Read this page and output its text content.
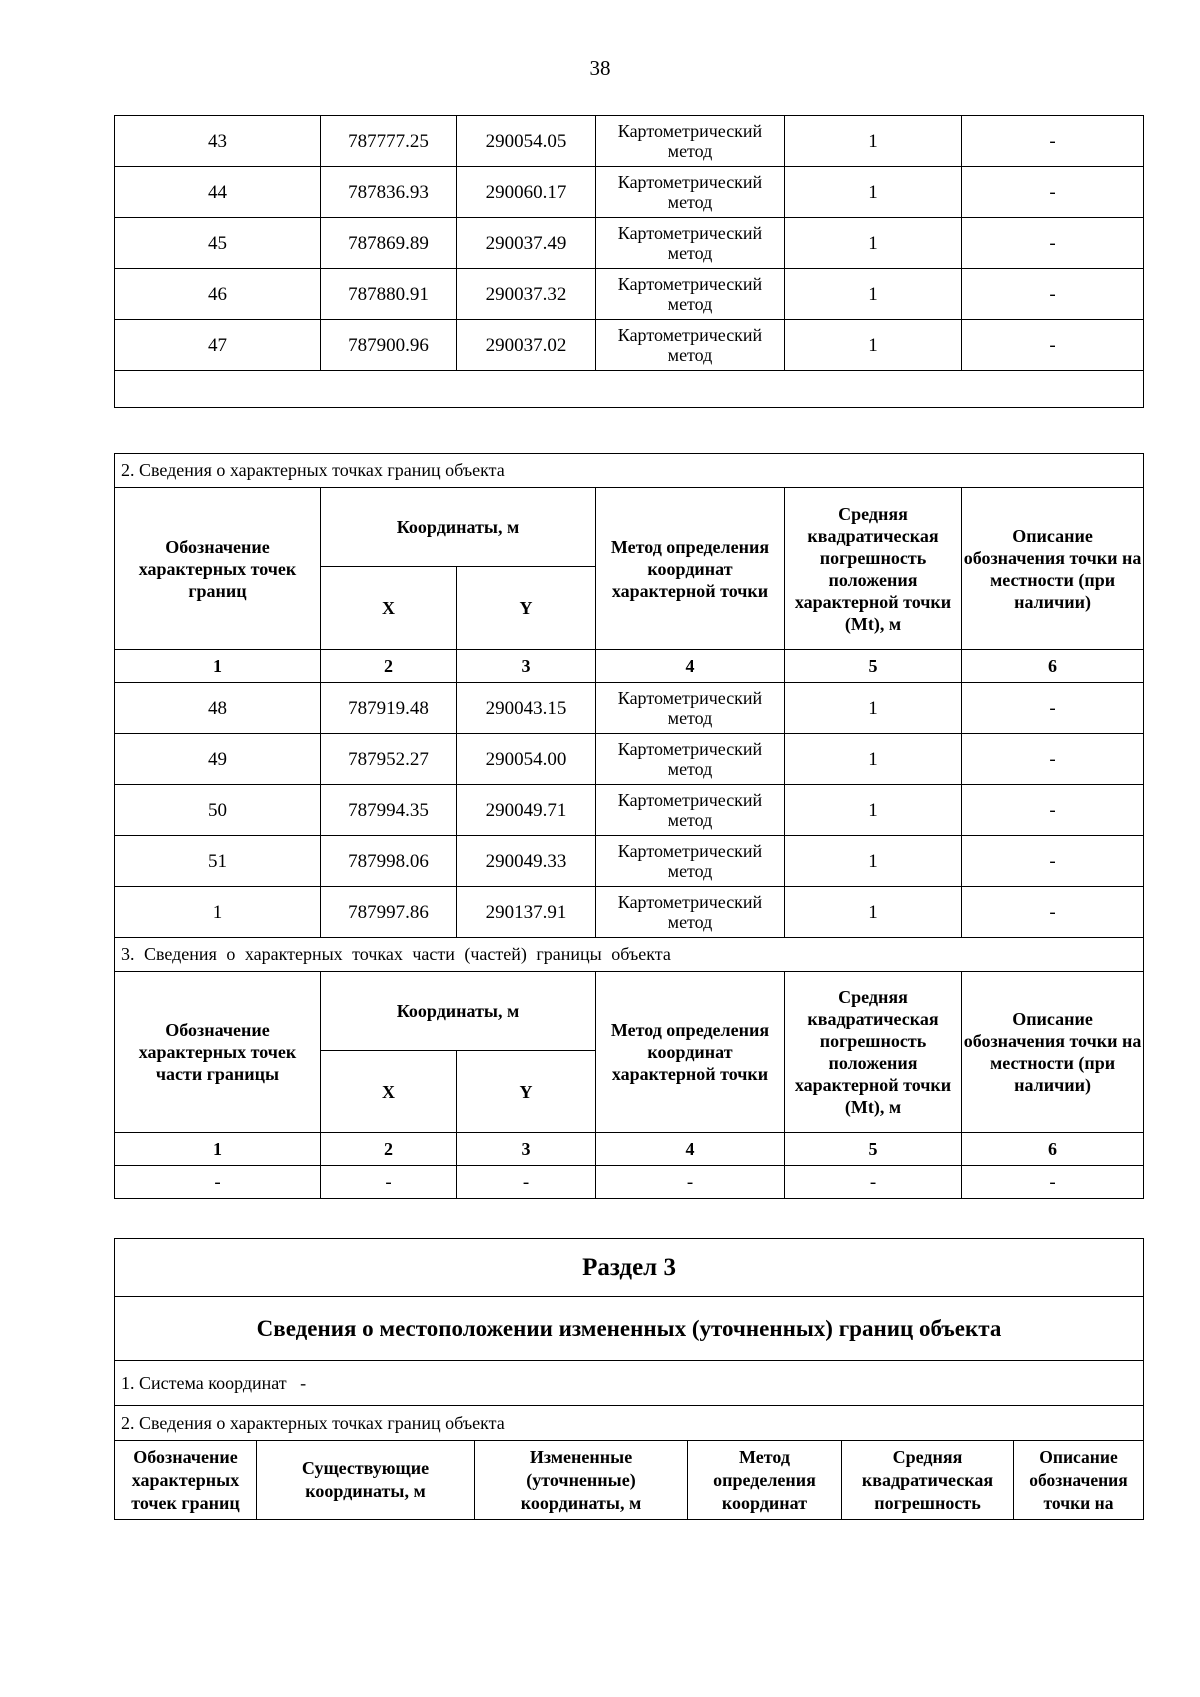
38
43	787777.25	290054.05	Картометрический метод	1	-
44	787836.93	290060.17	Картометрический метод	1	-
45	787869.89	290037.49	Картометрический метод	1	-
46	787880.91	290037.32	Картометрический метод	1	-
47	787900.96	290037.02	Картометрический метод	1	-

2. Сведения о характерных точках границ объекта					
Обозначение характерных точек границ	Координаты, м		Метод определения координат характерной точки	Средняя квадратическая погрешность положения характерной точки (Mt), м	Описание обозначения точки на местности (при наличии)
	X	Y			
1	2	3	4	5	6
48	787919.48	290043.15	Картометрический метод	1	-
49	787952.27	290054.00	Картометрический метод	1	-
50	787994.35	290049.71	Картометрический метод	1	-
51	787998.06	290049.33	Картометрический метод	1	-
1	787997.86	290137.91	Картометрический метод	1	-
3. Сведения о характерных точках части (частей) границы объекта					
Обозначение характерных точек части границы	Координаты, м		Метод определения координат характерной точки	Средняя квадратическая погрешность положения характерной точки (Mt), м	Описание обозначения точки на местности (при наличии)
	X	Y			
1	2	3	4	5	6
-	-	-	-	-	-
Раздел 3
Сведения о местоположении измененных (уточненных) границ объекта
1. Система координат   -
2. Сведения о характерных точках границ объекта
Обозначение характерных точек границ	Существующие координаты, м	Измененные (уточненные) координаты, м	Метод определения координат	Средняя квадратическая погрешность	Описание обозначения точки на
